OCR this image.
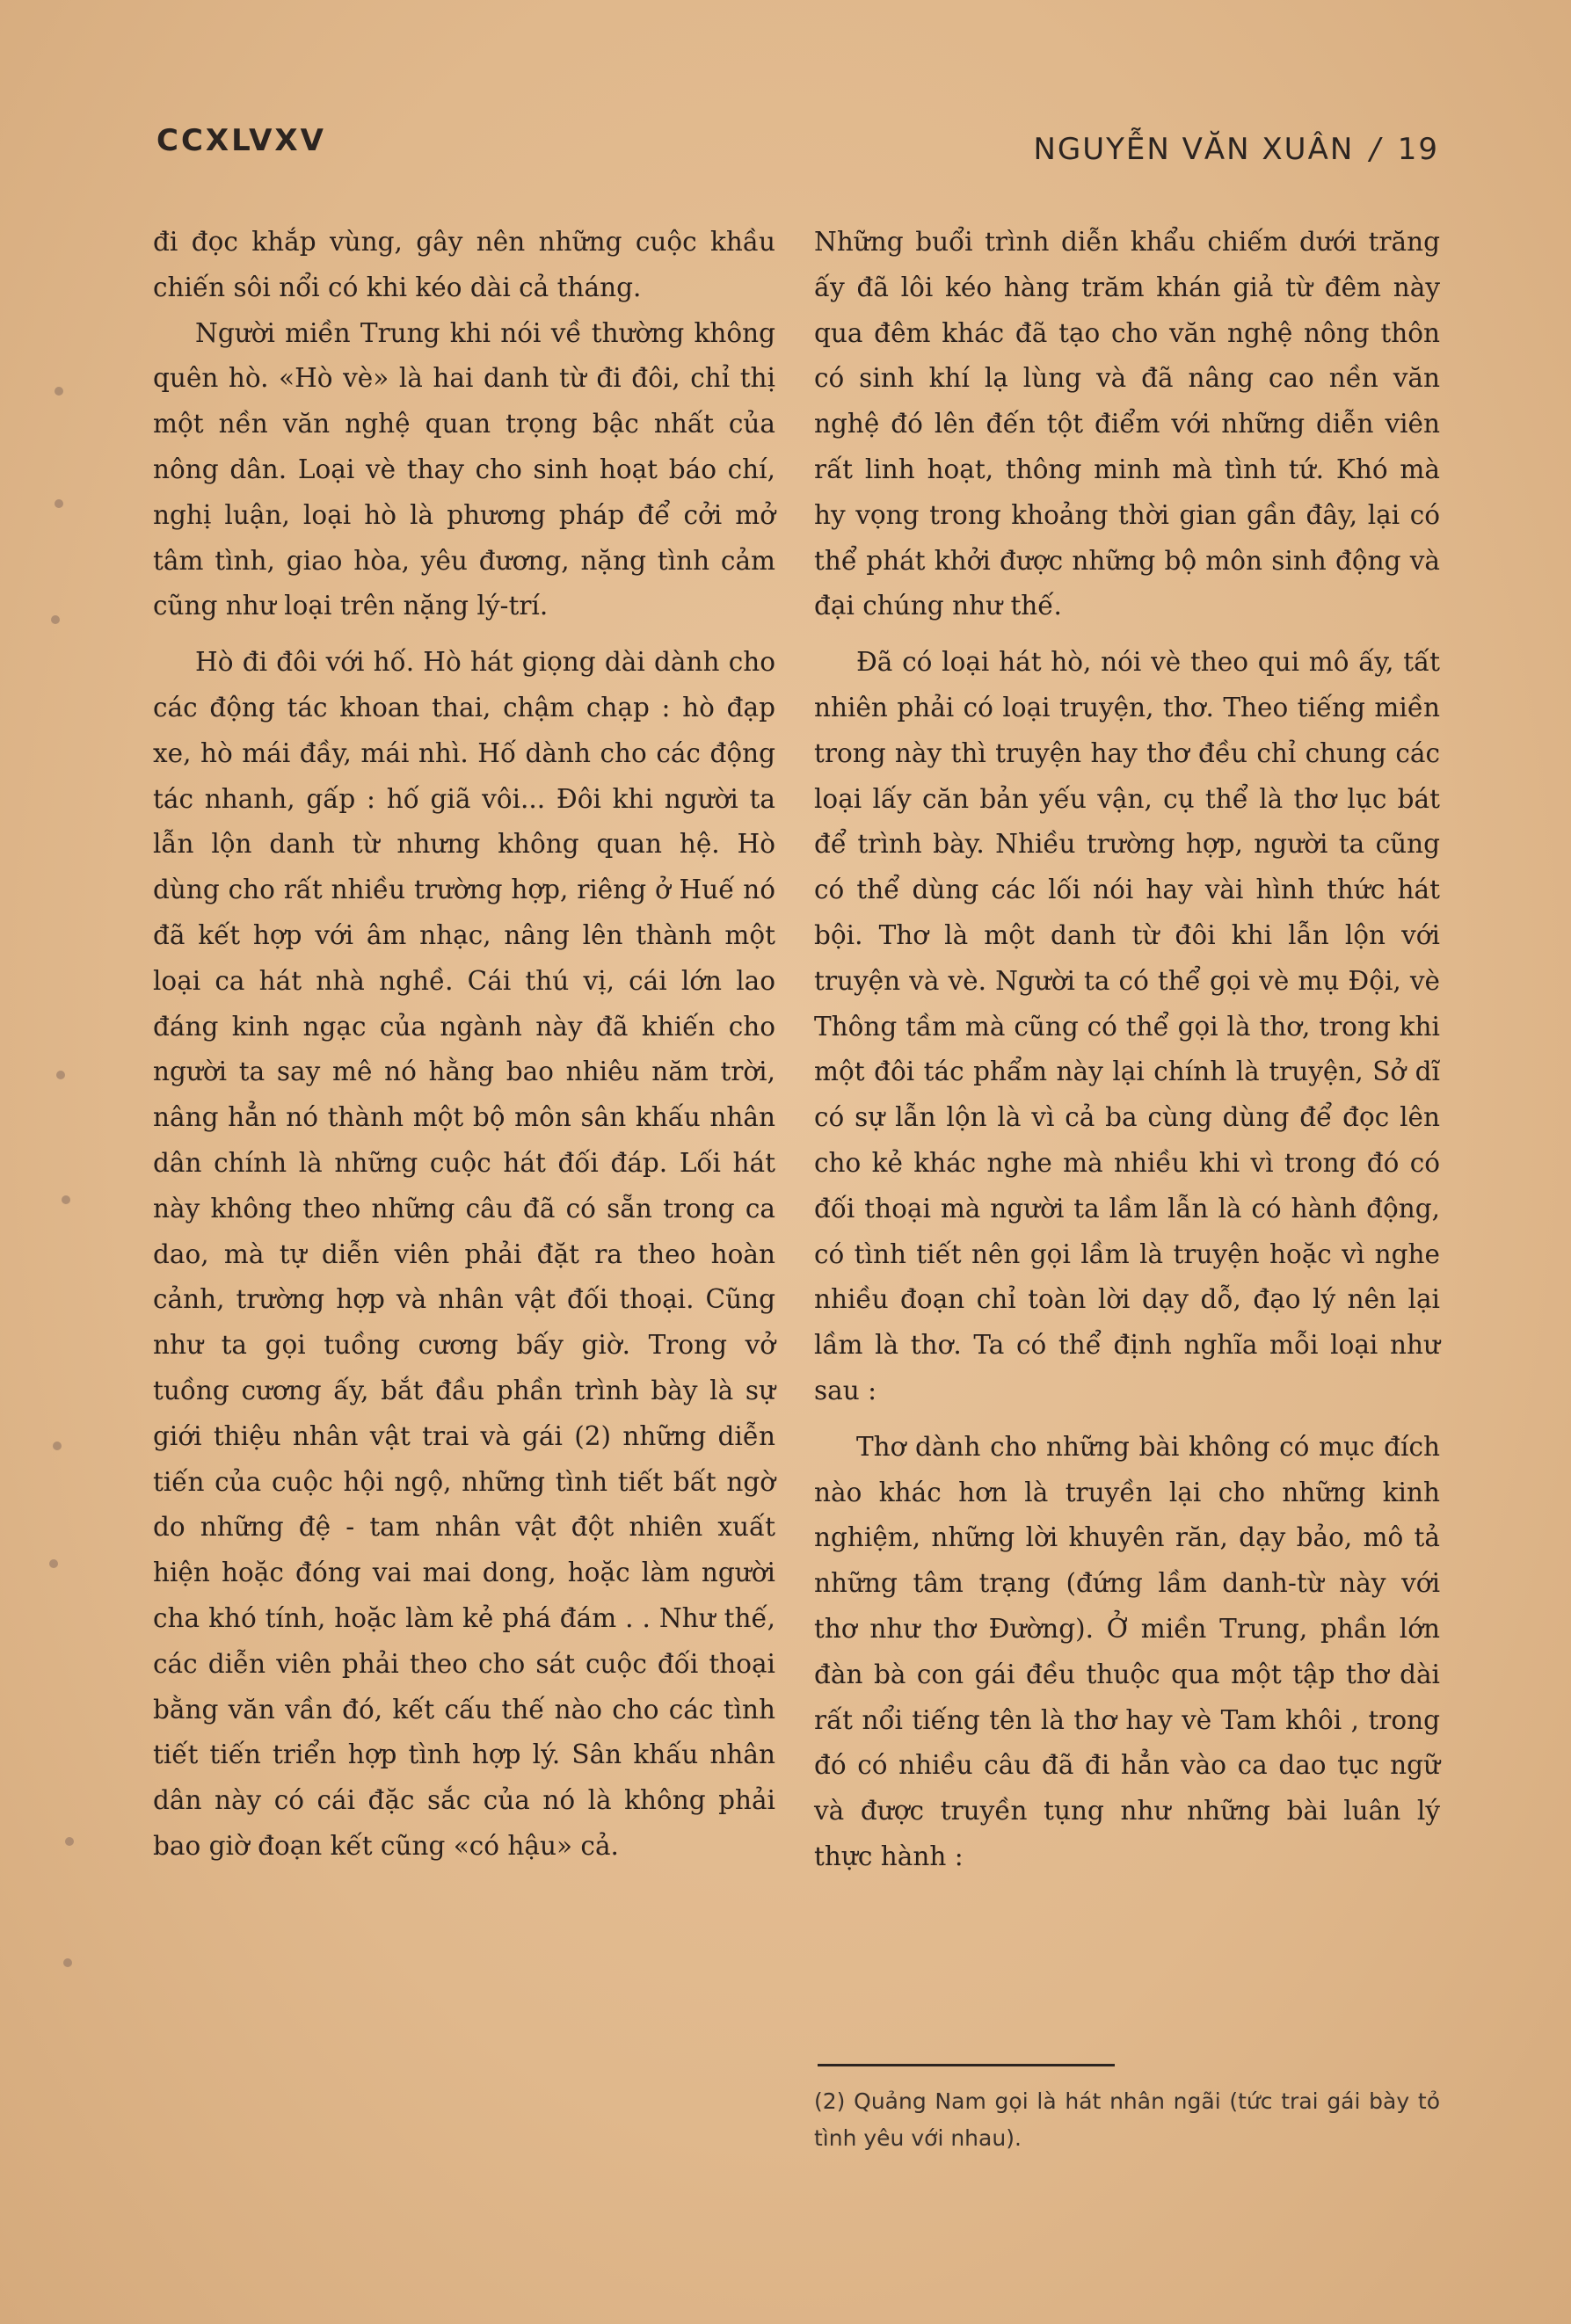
CCXLVXV	NGUYỄN VĂN XUÂN / 19

đi đọc khắp vùng, gây nên những cuộc khầu chiến sôi nổi có khi kéo dài cả tháng.

Người miền Trung khi nói về thường không quên hò. «Hò vè» là hai danh từ đi đôi, chỉ thị một nền văn nghệ quan trọng bậc nhất của nông dân. Loại vè thay cho sinh hoạt báo chí, nghị luận, loại hò là phương pháp để cởi mở tâm tình, giao hòa, yêu đương, nặng tình cảm cũng như loại trên nặng lý-trí.

Hò đi đôi với hố. Hò hát giọng dài dành cho các động tác khoan thai, chậm chạp : hò đạp xe, hò mái đầy, mái nhì. Hố dành cho các động tác nhanh, gấp : hố giã vôi... Đôi khi người ta lẫn lộn danh từ nhưng không quan hệ. Hò dùng cho rất nhiều trường hợp, riêng ở Huế nó đã kết hợp với âm nhạc, nâng lên thành một loại ca hát nhà nghề. Cái thú vị, cái lớn lao đáng kinh ngạc của ngành này đã khiến cho người ta say mê nó hằng bao nhiêu năm trời, nâng hẳn nó thành một bộ môn sân khấu nhân dân chính là những cuộc hát đối đáp. Lối hát này không theo những câu đã có sẵn trong ca dao, mà tự diễn viên phải đặt ra theo hoàn cảnh, trường hợp và nhân vật đối thoại. Cũng như ta gọi tuồng cương bấy giờ. Trong vở tuồng cương ấy, bắt đầu phần trình bày là sự giới thiệu nhân vật trai và gái (2) những diễn tiến của cuộc hội ngộ, những tình tiết bất ngờ do những đệ - tam nhân vật đột nhiên xuất hiện hoặc đóng vai mai dong, hoặc làm người cha khó tính, hoặc làm kẻ phá đám . . Như thế, các diễn viên phải theo cho sát cuộc đối thoại bằng văn vần đó, kết cấu thế nào cho các tình tiết tiến triển hợp tình hợp lý. Sân khấu nhân dân này có cái đặc sắc của nó là không phải bao giờ đoạn kết cũng «có hậu» cả.

Những buổi trình diễn khẩu chiếm dưới trăng ấy đã lôi kéo hàng trăm khán giả từ đêm này qua đêm khác đã tạo cho văn nghệ nông thôn có sinh khí lạ lùng và đã nâng cao nền văn nghệ đó lên đến tột điểm với những diễn viên rất linh hoạt, thông minh mà tình tứ. Khó mà hy vọng trong khoảng thời gian gần đây, lại có thể phát khởi được những bộ môn sinh động và đại chúng như thế.

Đã có loại hát hò, nói vè theo qui mô ấy, tất nhiên phải có loại truyện, thơ. Theo tiếng miền trong này thì truyện hay thơ đều chỉ chung các loại lấy căn bản yếu vận, cụ thể là thơ lục bát để trình bày. Nhiều trường hợp, người ta cũng có thể dùng các lối nói hay vài hình thức hát bội. Thơ là một danh từ đôi khi lẫn lộn với truyện và vè. Người ta có thể gọi vè mụ Đội, vè Thông tầm mà cũng có thể gọi là thơ, trong khi một đôi tác phẩm này lại chính là truyện, Sở dĩ có sự lẫn lộn là vì cả ba cùng dùng để đọc lên cho kẻ khác nghe mà nhiều khi vì trong đó có đối thoại mà người ta lầm lẫn là có hành động, có tình tiết nên gọi lầm là truyện hoặc vì nghe nhiều đoạn chỉ toàn lời dạy dỗ, đạo lý nên lại lầm là thơ. Ta có thể định nghĩa mỗi loại như sau :

Thơ dành cho những bài không có mục đích nào khác hơn là truyền lại cho những kinh nghiệm, những lời khuyên răn, dạy bảo, mô tả những tâm trạng (đứng lầm danh-từ này với thơ như thơ Đường). Ở miền Trung, phần lớn đàn bà con gái đều thuộc qua một tập thơ dài rất nổi tiếng tên là thơ hay vè Tam khôi , trong đó có nhiều câu đã đi hẳn vào ca dao tục ngữ và được truyền tụng như những bài luân lý thực hành :

(2) Quảng Nam gọi là hát nhân ngãi (tức trai gái bày tỏ tình yêu với nhau).
